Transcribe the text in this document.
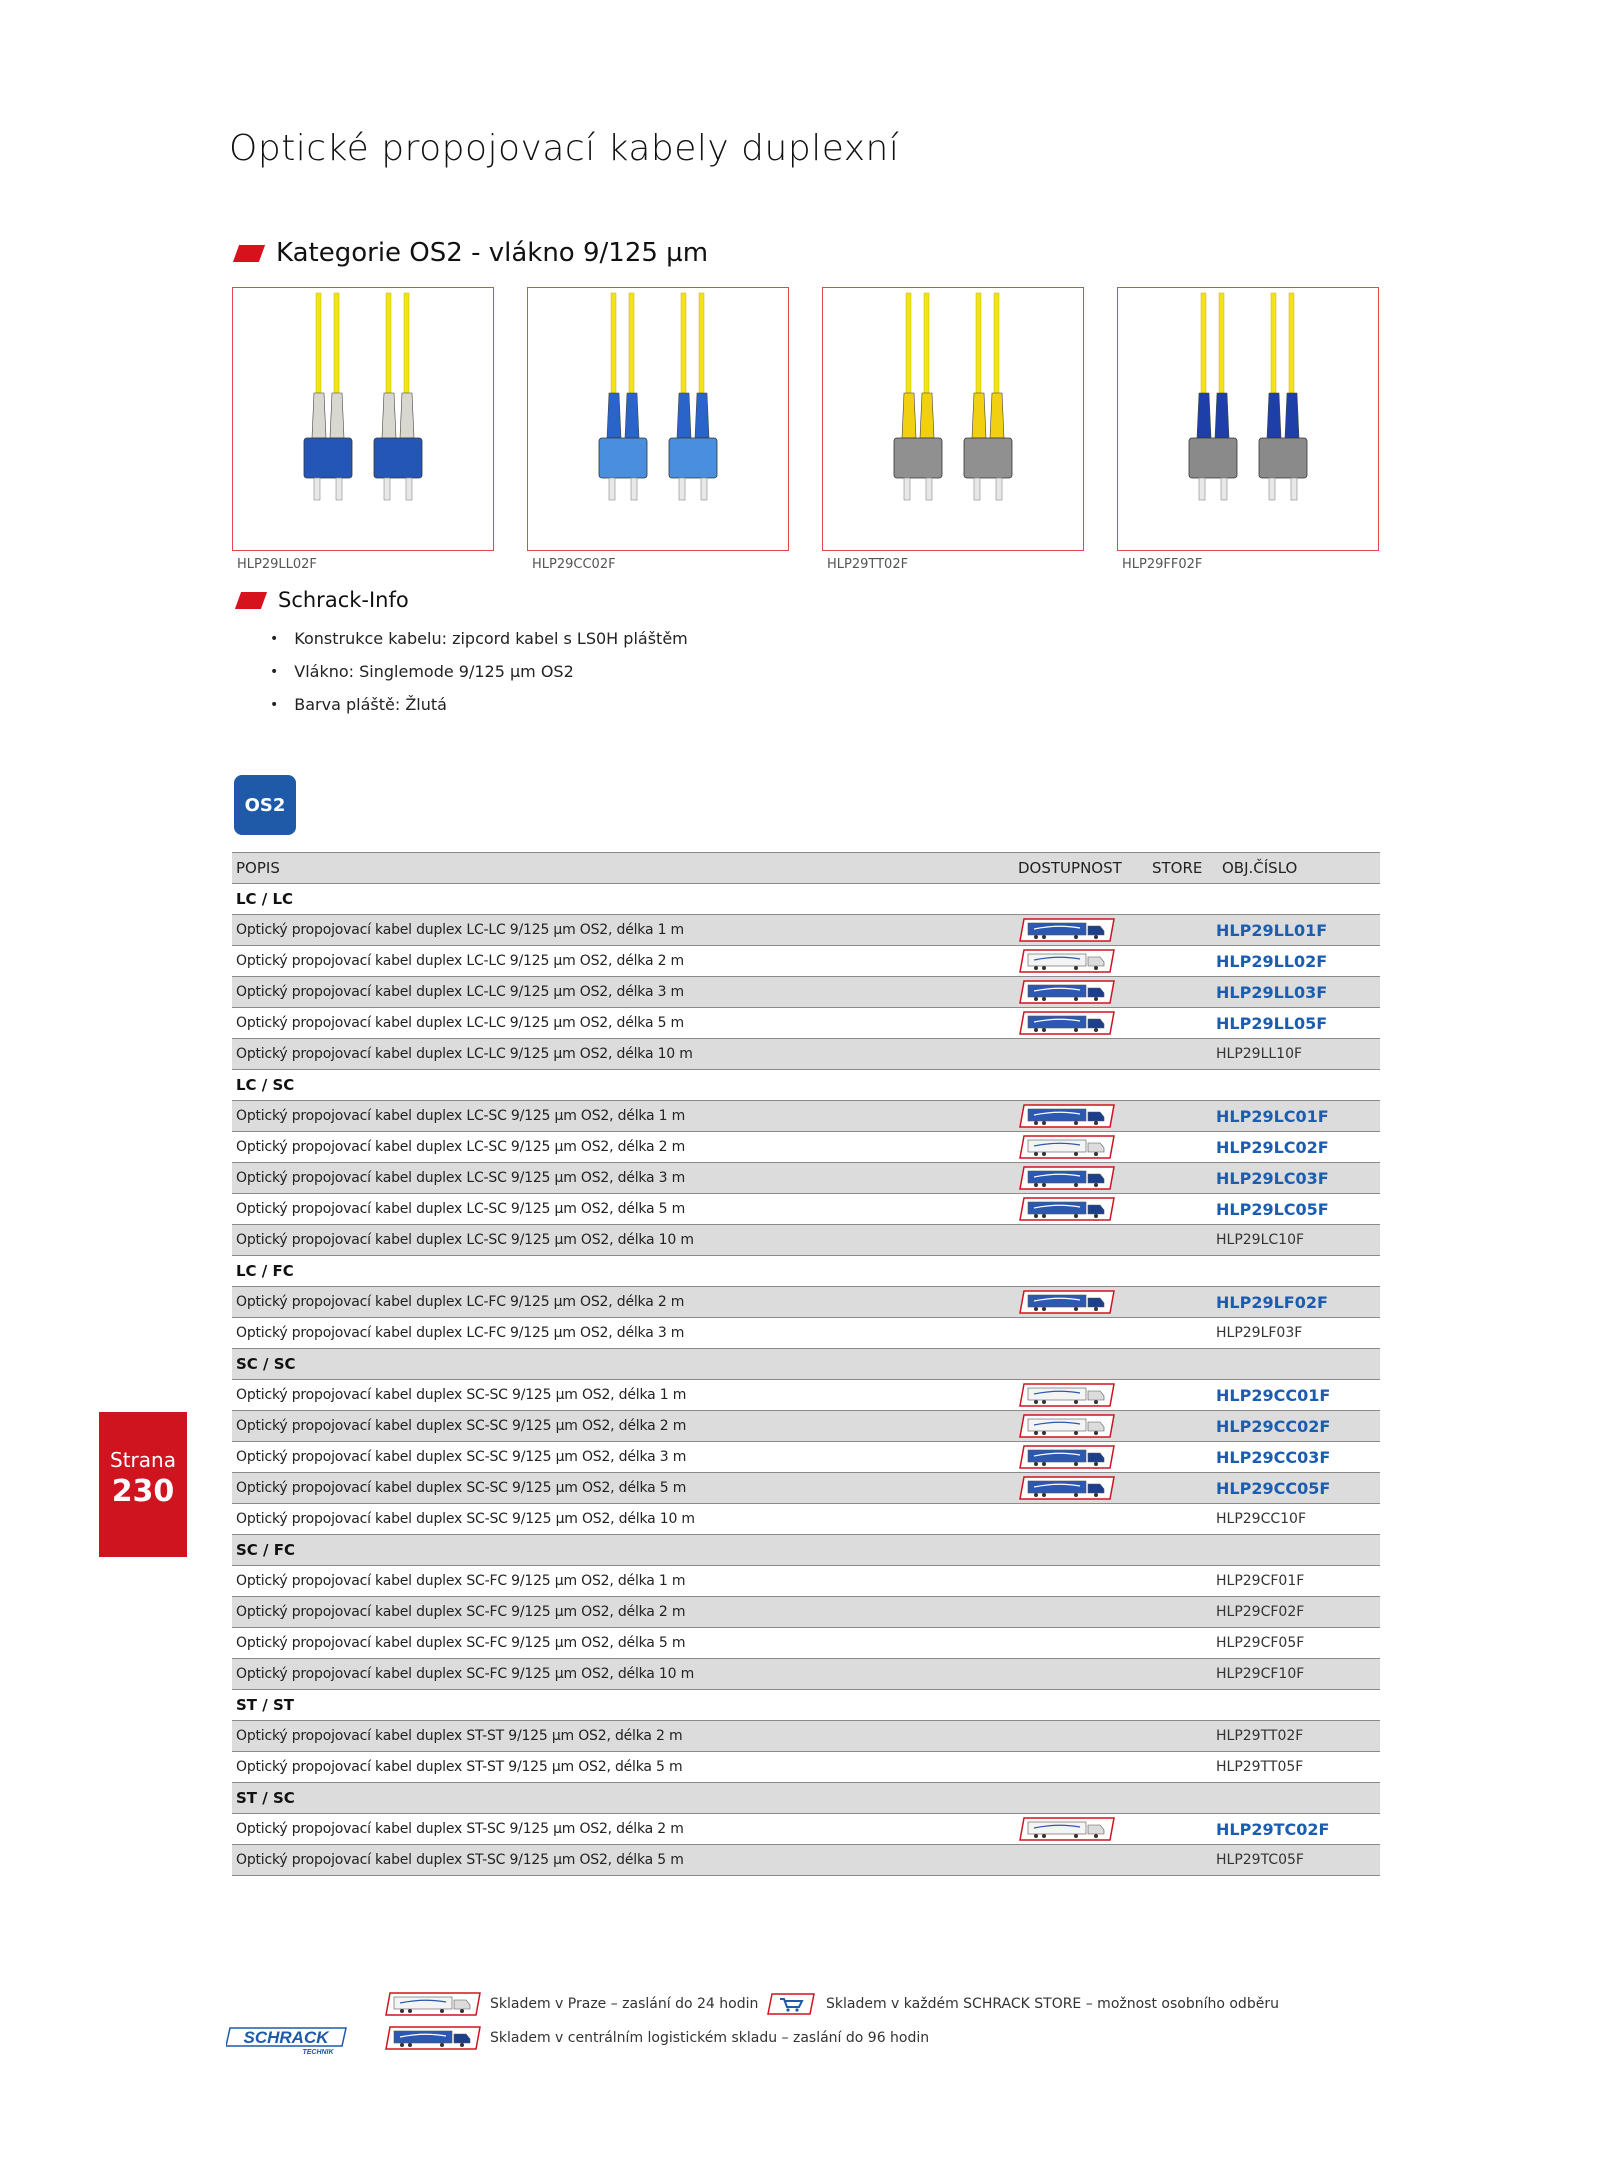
Optické propojovací kabely duplexní
Kategorie OS2 - vlákno 9/125 µm
HLP29LL02F	HLP29CC02F	HLP29TT02F	HLP29FF02F
Schrack-Info
• Konstrukce kabelu: zipcord kabel s LS0H pláštěm
• Vlákno: Singlemode 9/125 µm OS2
• Barva pláště: Žlutá
OS2
POPIS	DOSTUPNOST	STORE	OBJ.ČÍSLO
LC / LC			
Optický propojovací kabel duplex LC-LC 9/125 µm OS2, délka 1 m			HLP29LL01F
Optický propojovací kabel duplex LC-LC 9/125 µm OS2, délka 2 m			HLP29LL02F
Optický propojovací kabel duplex LC-LC 9/125 µm OS2, délka 3 m			HLP29LL03F
Optický propojovací kabel duplex LC-LC 9/125 µm OS2, délka 5 m			HLP29LL05F
Optický propojovací kabel duplex LC-LC 9/125 µm OS2, délka 10 m			HLP29LL10F
LC / SC			
Optický propojovací kabel duplex LC-SC 9/125 µm OS2, délka 1 m			HLP29LC01F
Optický propojovací kabel duplex LC-SC 9/125 µm OS2, délka 2 m			HLP29LC02F
Optický propojovací kabel duplex LC-SC 9/125 µm OS2, délka 3 m			HLP29LC03F
Optický propojovací kabel duplex LC-SC 9/125 µm OS2, délka 5 m			HLP29LC05F
Optický propojovací kabel duplex LC-SC 9/125 µm OS2, délka 10 m			HLP29LC10F
LC / FC			
Optický propojovací kabel duplex LC-FC 9/125 µm OS2, délka 2 m			HLP29LF02F
Optický propojovací kabel duplex LC-FC 9/125 µm OS2, délka 3 m			HLP29LF03F
SC / SC			
Optický propojovací kabel duplex SC-SC 9/125 µm OS2, délka 1 m			HLP29CC01F
Optický propojovací kabel duplex SC-SC 9/125 µm OS2, délka 2 m			HLP29CC02F
Optický propojovací kabel duplex SC-SC 9/125 µm OS2, délka 3 m			HLP29CC03F
Optický propojovací kabel duplex SC-SC 9/125 µm OS2, délka 5 m			HLP29CC05F
Optický propojovací kabel duplex SC-SC 9/125 µm OS2, délka 10 m			HLP29CC10F
SC / FC			
Optický propojovací kabel duplex SC-FC 9/125 µm OS2, délka 1 m			HLP29CF01F
Optický propojovací kabel duplex SC-FC 9/125 µm OS2, délka 2 m			HLP29CF02F
Optický propojovací kabel duplex SC-FC 9/125 µm OS2, délka 5 m			HLP29CF05F
Optický propojovací kabel duplex SC-FC 9/125 µm OS2, délka 10 m			HLP29CF10F
ST / ST			
Optický propojovací kabel duplex ST-ST 9/125 µm OS2, délka 2 m			HLP29TT02F
Optický propojovací kabel duplex ST-ST 9/125 µm OS2, délka 5 m			HLP29TT05F
ST / SC			
Optický propojovací kabel duplex ST-SC 9/125 µm OS2, délka 2 m			HLP29TC02F
Optický propojovací kabel duplex ST-SC 9/125 µm OS2, délka 5 m			HLP29TC05F
Strana
230
SCHRACK
TECHNIK
Skladem v Praze – zaslání do 24 hodin
Skladem v centrálním logistickém skladu – zaslání do 96 hodin
Skladem v každém SCHRACK STORE – možnost osobního odběru
